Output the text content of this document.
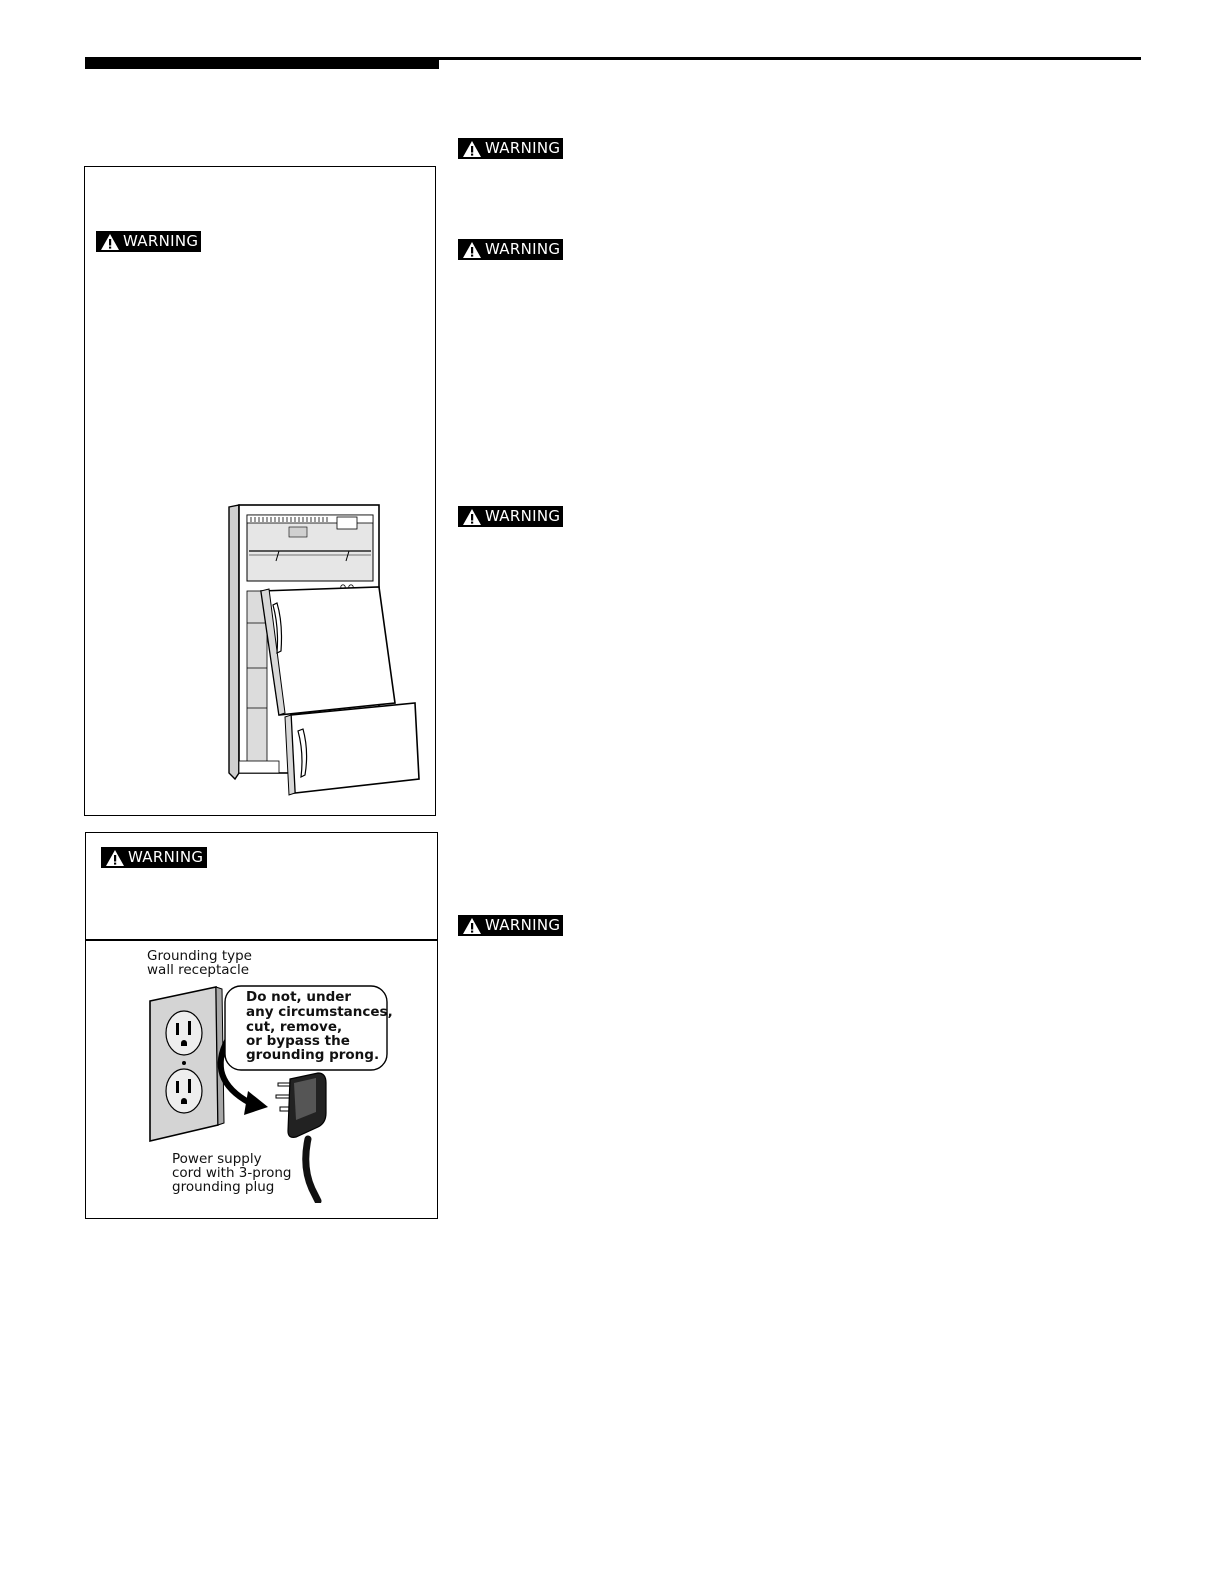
WARNING
WARNING
WARNING
WARNING
WARNING
WARNING
Grounding type
wall receptacle
Do not, under
any circumstances,
cut, remove,
or bypass the
grounding prong.
Power supply
cord with 3-prong
grounding plug
